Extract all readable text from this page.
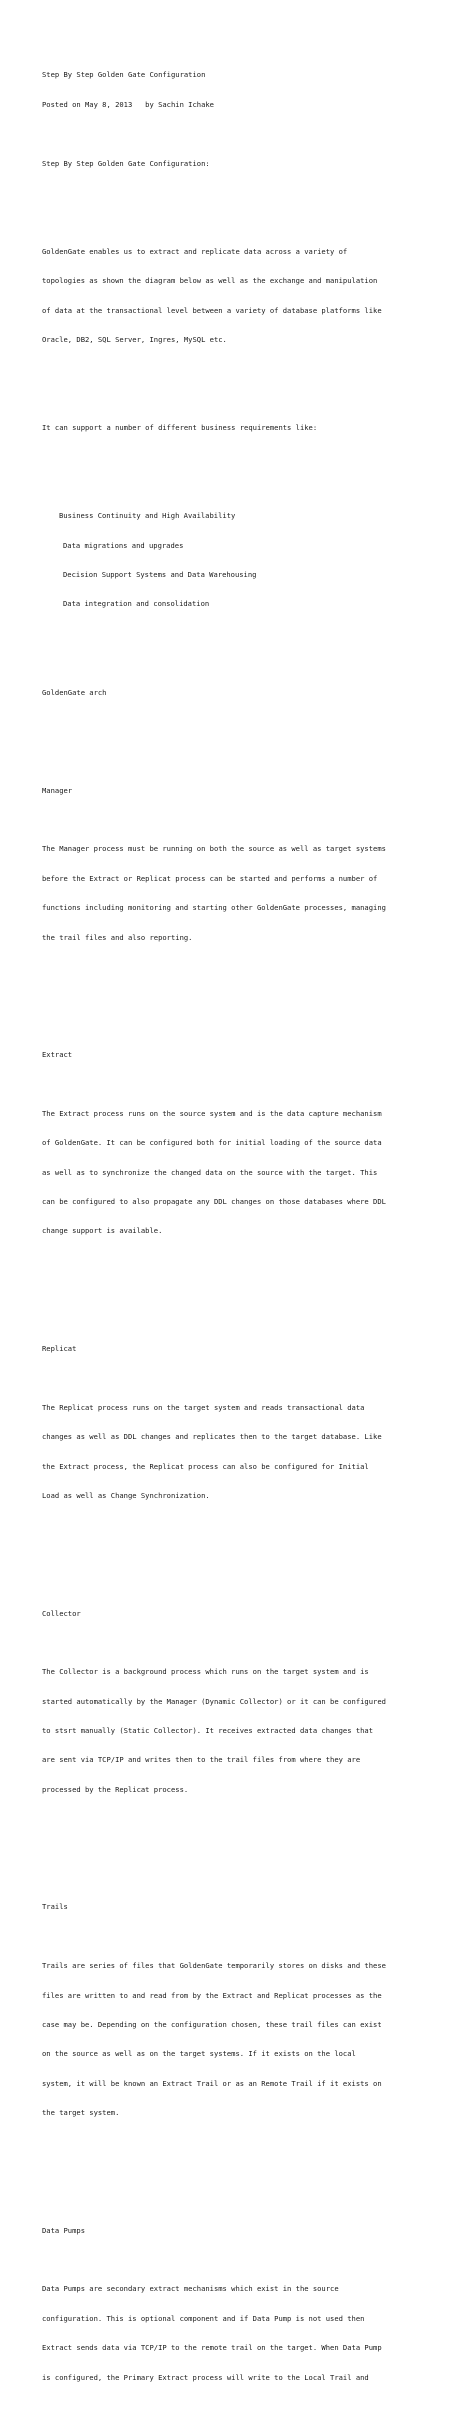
Step By Step Golden Gate Configuration

Posted on May 8, 2013   by Sachin Ichake

Step By Step Golden Gate Configuration:

GoldenGate enables us to extract and replicate data across a variety of

topologies as shown the diagram below as well as the exchange and manipulation

of data at the transactional level between a variety of database platforms like

Oracle, DB2, SQL Server, Ingres, MySQL etc.

It can support a number of different business requirements like:

Business Continuity and High Availability

Data migrations and upgrades

Decision Support Systems and Data Warehousing

Data integration and consolidation

GoldenGate arch

Manager

The Manager process must be running on both the source as well as target systems

before the Extract or Replicat process can be started and performs a number of

functions including monitoring and starting other GoldenGate processes, managing

the trail files and also reporting.

Extract

The Extract process runs on the source system and is the data capture mechanism

of GoldenGate. It can be configured both for initial loading of the source data

as well as to synchronize the changed data on the source with the target. This

can be configured to also propagate any DDL changes on those databases where DDL

change support is available.

Replicat

The Replicat process runs on the target system and reads transactional data

changes as well as DDL changes and replicates then to the target database. Like

the Extract process, the Replicat process can also be configured for Initial

Load as well as Change Synchronization.

Collector

The Collector is a background process which runs on the target system and is

started automatically by the Manager (Dynamic Collector) or it can be configured

to stsrt manually (Static Collector). It receives extracted data changes that

are sent via TCP/IP and writes then to the trail files from where they are

processed by the Replicat process.

Trails

Trails are series of files that GoldenGate temporarily stores on disks and these

files are written to and read from by the Extract and Replicat processes as the

case may be. Depending on the configuration chosen, these trail files can exist

on the source as well as on the target systems. If it exists on the local

system, it will be known an Extract Trail or as an Remote Trail if it exists on

the target system.

Data Pumps

Data Pumps are secondary extract mechanisms which exist in the source

configuration. This is optional component and if Data Pump is not used then

Extract sends data via TCP/IP to the remote trail on the target. When Data Pump

is configured, the Primary Extract process will write to the Local Trail and
